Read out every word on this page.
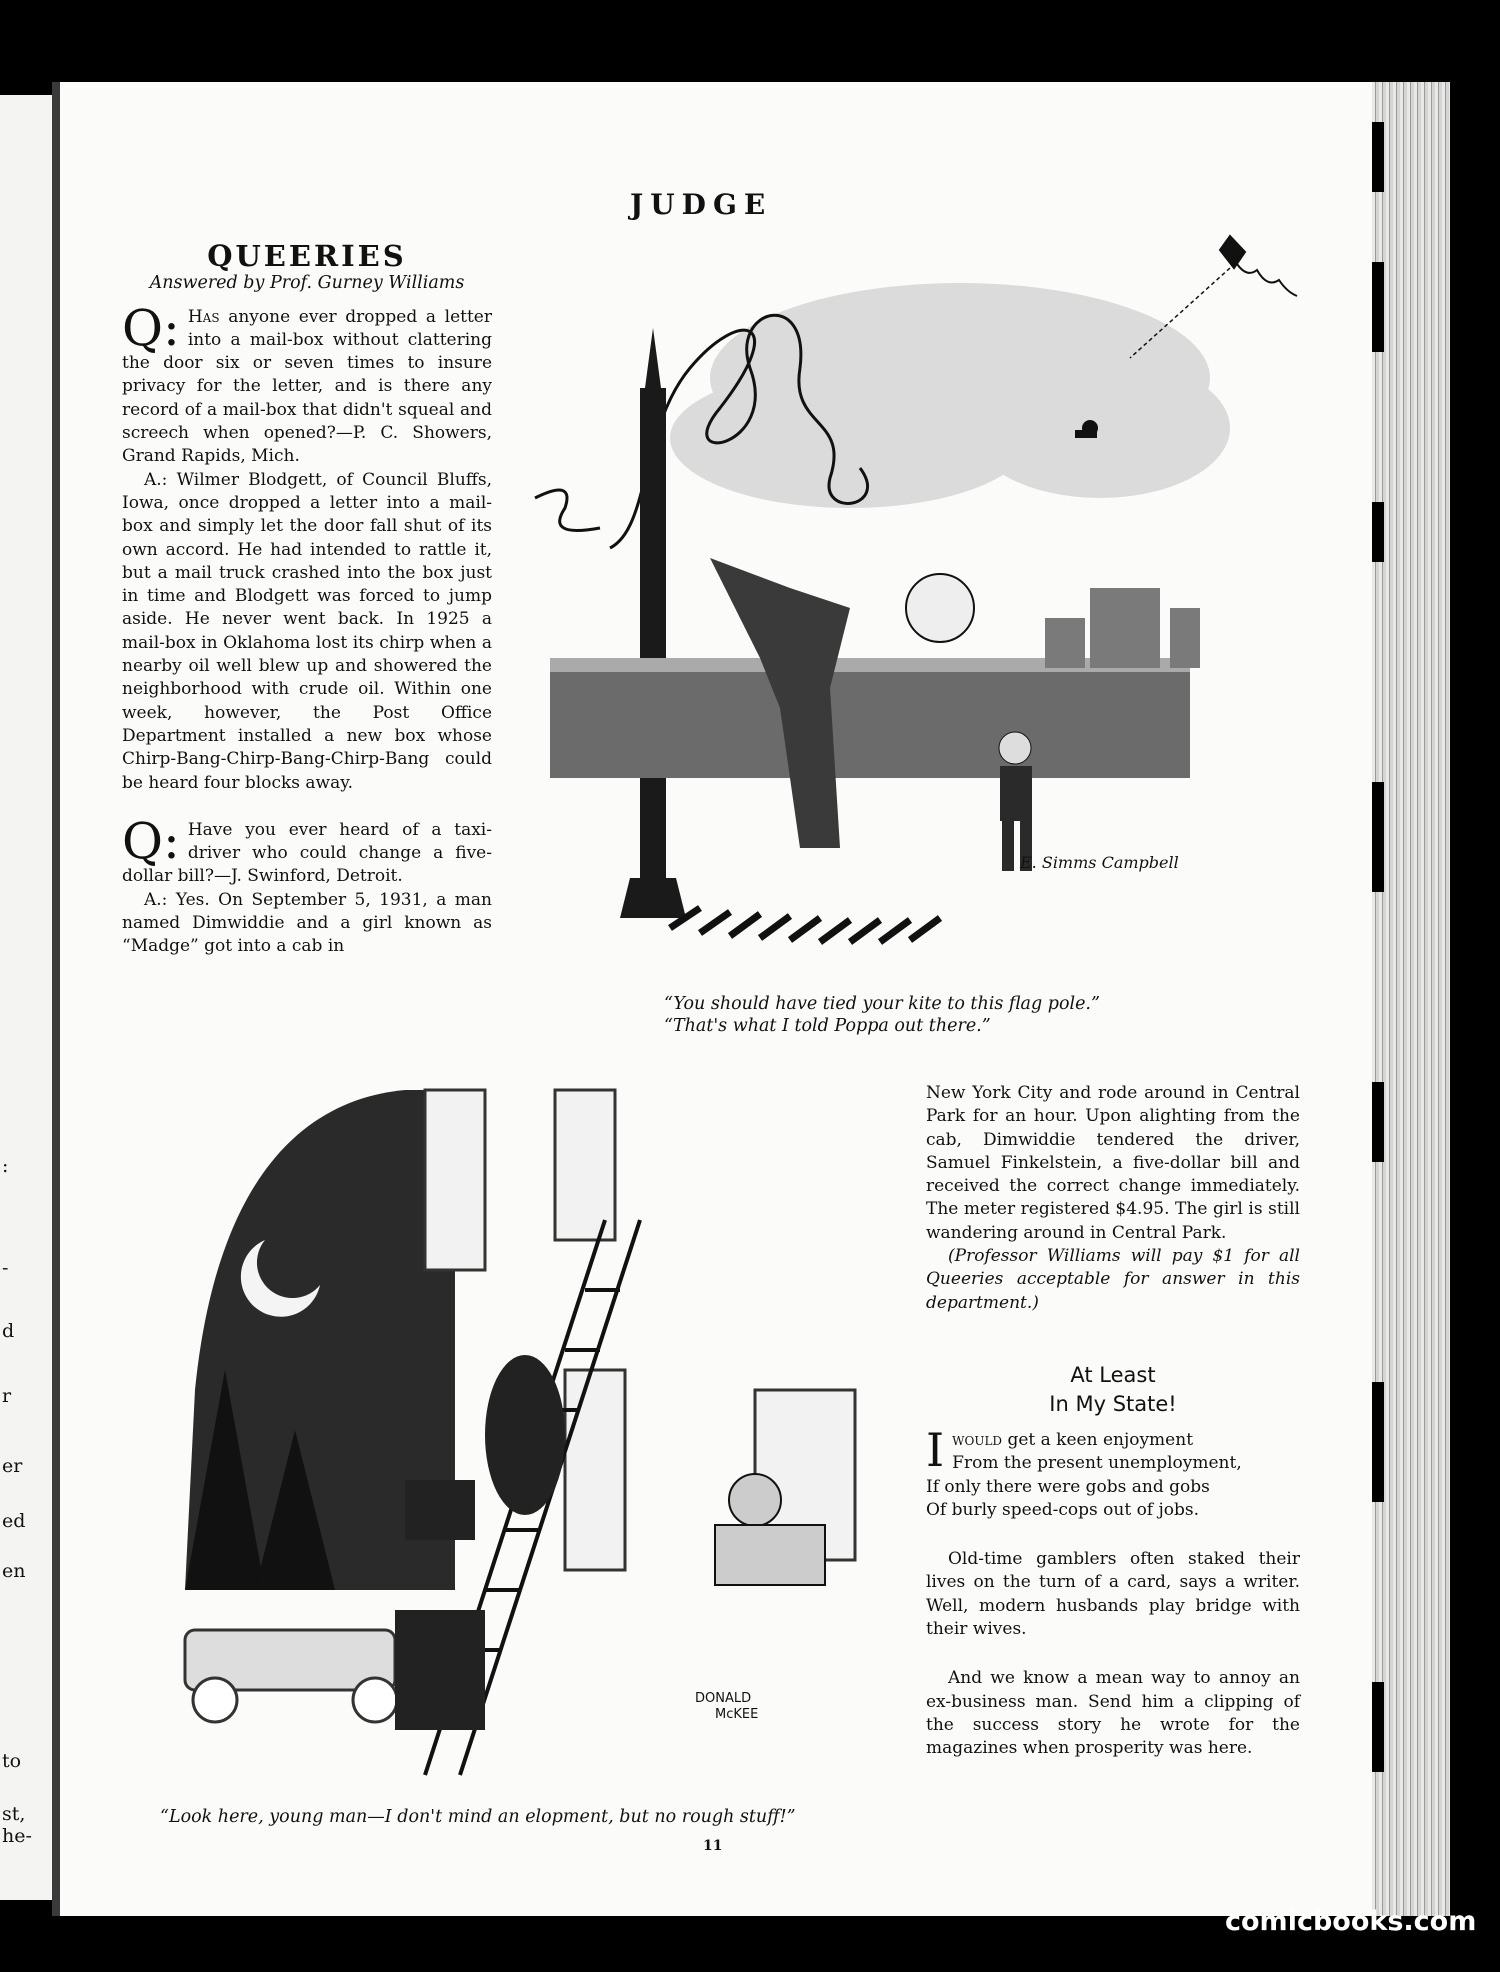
:
-
d
r
er
ed
en
to
st,
he-
JUDGE
QUEERIES
Answered by Prof. Gurney Williams

Q: Has anyone ever dropped a letter into a mail-box without clattering the door six or seven times to insure privacy for the letter, and is there any record of a mail-box that didn't squeal and screech when opened?—P. C. Showers, Grand Rapids, Mich.

A.: Wilmer Blodgett, of Council Bluffs, Iowa, once dropped a letter into a mail-box and simply let the door fall shut of its own accord. He had intended to rattle it, but a mail truck crashed into the box just in time and Blodgett was forced to jump aside. He never went back. In 1925 a mail-box in Oklahoma lost its chirp when a nearby oil well blew up and showered the neighborhood with crude oil. Within one week, however, the Post Office Department installed a new box whose Chirp-Bang-Chirp-Bang-Chirp-Bang could be heard four blocks away.

Q: Have you ever heard of a taxi-driver who could change a five-dollar bill?—J. Swinford, Detroit.

A.: Yes. On September 5, 1931, a man named Dimwiddie and a girl known as “Madge” got into a cab in

E. Simms Campbell
“You should have tied your kite to this flag pole.”
“That's what I told Poppa out there.”
DONALD
McKEE
“Look here, young man—I don't mind an elopment, but no rough stuff!”

New York City and rode around in Central Park for an hour. Upon alighting from the cab, Dimwiddie tendered the driver, Samuel Finkelstein, a five-dollar bill and received the correct change immediately. The meter registered $4.95. The girl is still wandering around in Central Park.

(Professor Williams will pay $1 for all Queeries acceptable for answer in this department.)

At Least
In My State!
I would get a keen enjoyment
From the present unemployment,
If only there were gobs and gobs
Of burly speed-cops out of jobs.

Old-time gamblers often staked their lives on the turn of a card, says a writer. Well, modern husbands play bridge with their wives.

And we know a mean way to annoy an ex-business man. Send him a clipping of the success story he wrote for the magazines when prosperity was here.

11
comicbooks.com
